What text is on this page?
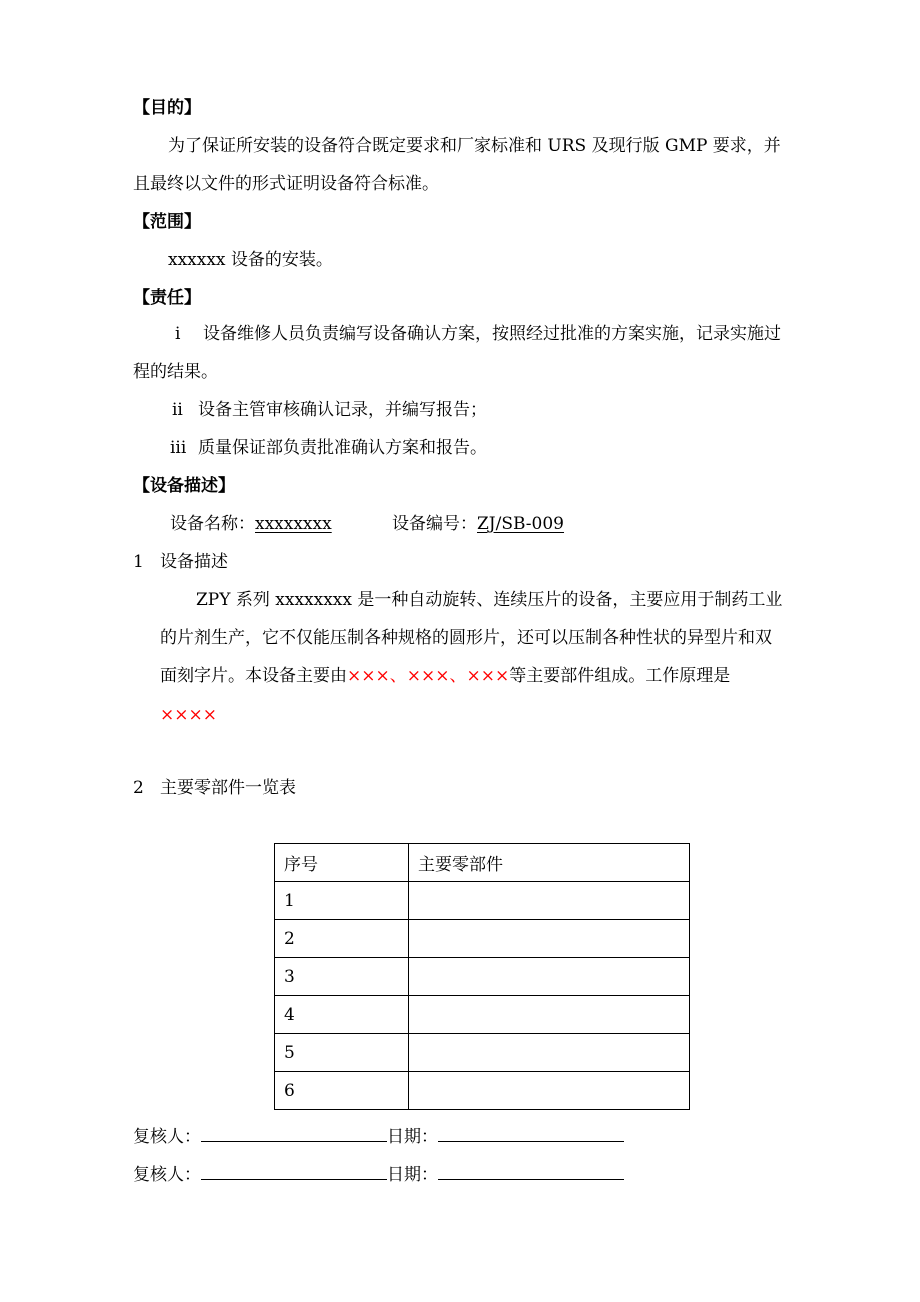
【目的】
为了保证所安装的设备符合既定要求和厂家标准和 URS 及现行版 GMP 要求，并
且最终以文件的形式证明设备符合标准。
【范围】
xxxxxx 设备的安装。
【责任】
i 设备维修人员负责编写设备确认方案，按照经过批准的方案实施，记录实施过
程的结果。
ii 设备主管审核确认记录，并编写报告；
iii 质量保证部负责批准确认方案和报告。
【设备描述】
设备名称：xxxxxxxx	设备编号：ZJ/SB-009
1 设备描述
ZPY 系列 xxxxxxxx 是一种自动旋转、连续压片的设备，主要应用于制药工业
的片剂生产，它不仅能压制各种规格的圆形片，还可以压制各种性状的异型片和双
面刻字片。本设备主要由×××、×××、×××等主要部件组成。工作原理是
××××
2 主要零部件一览表
序号	主要零部件
1	
2	
3	
4	
5	
6	
复核人：	日期：
复核人：	日期：
